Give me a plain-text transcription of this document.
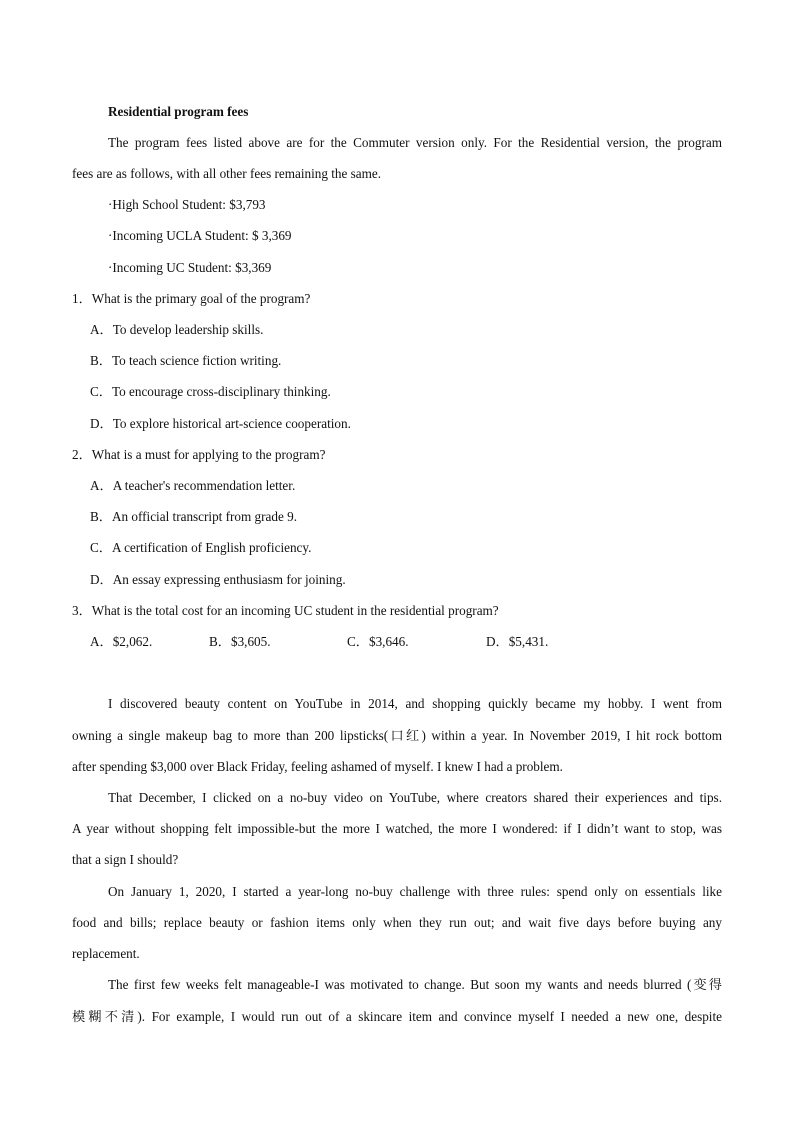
Residential program fees
The program fees listed above are for the Commuter version only. For the Residential version, the program
fees are as follows, with all other fees remaining the same.
·High School Student: $3,793
·Incoming UCLA Student: $ 3,369
·Incoming UC Student: $3,369
1．What is the primary goal of the program?
A．To develop leadership skills.
B．To teach science fiction writing.
C．To encourage cross-disciplinary thinking.
D．To explore historical art-science cooperation.
2．What is a must for applying to the program?
A．A teacher's recommendation letter.
B．An official transcript from grade 9.
C．A certification of English proficiency.
D．An essay expressing enthusiasm for joining.
3．What is the total cost for an incoming UC student in the residential program?
A．$2,062.	B．$3,605.	C．$3,646.	D．$5,431.
I discovered beauty content on YouTube in 2014, and shopping quickly became my hobby. I went from
owning a single makeup bag to more than 200 lipsticks(口红) within a year. In November 2019, I hit rock bottom
after spending $3,000 over Black Friday, feeling ashamed of myself. I knew I had a problem.
That December, I clicked on a no-buy video on YouTube, where creators shared their experiences and tips.
A year without shopping felt impossible-but the more I watched, the more I wondered: if I didn’t want to stop, was
that a sign I should?
On January 1, 2020, I started a year-long no-buy challenge with three rules: spend only on essentials like
food and bills; replace beauty or fashion items only when they run out; and wait five days before buying any
replacement.
The first few weeks felt manageable-I was motivated to change. But soon my wants and needs blurred (变得
模糊不清). For example, I would run out of a skincare item and convince myself I needed a new one, despite
